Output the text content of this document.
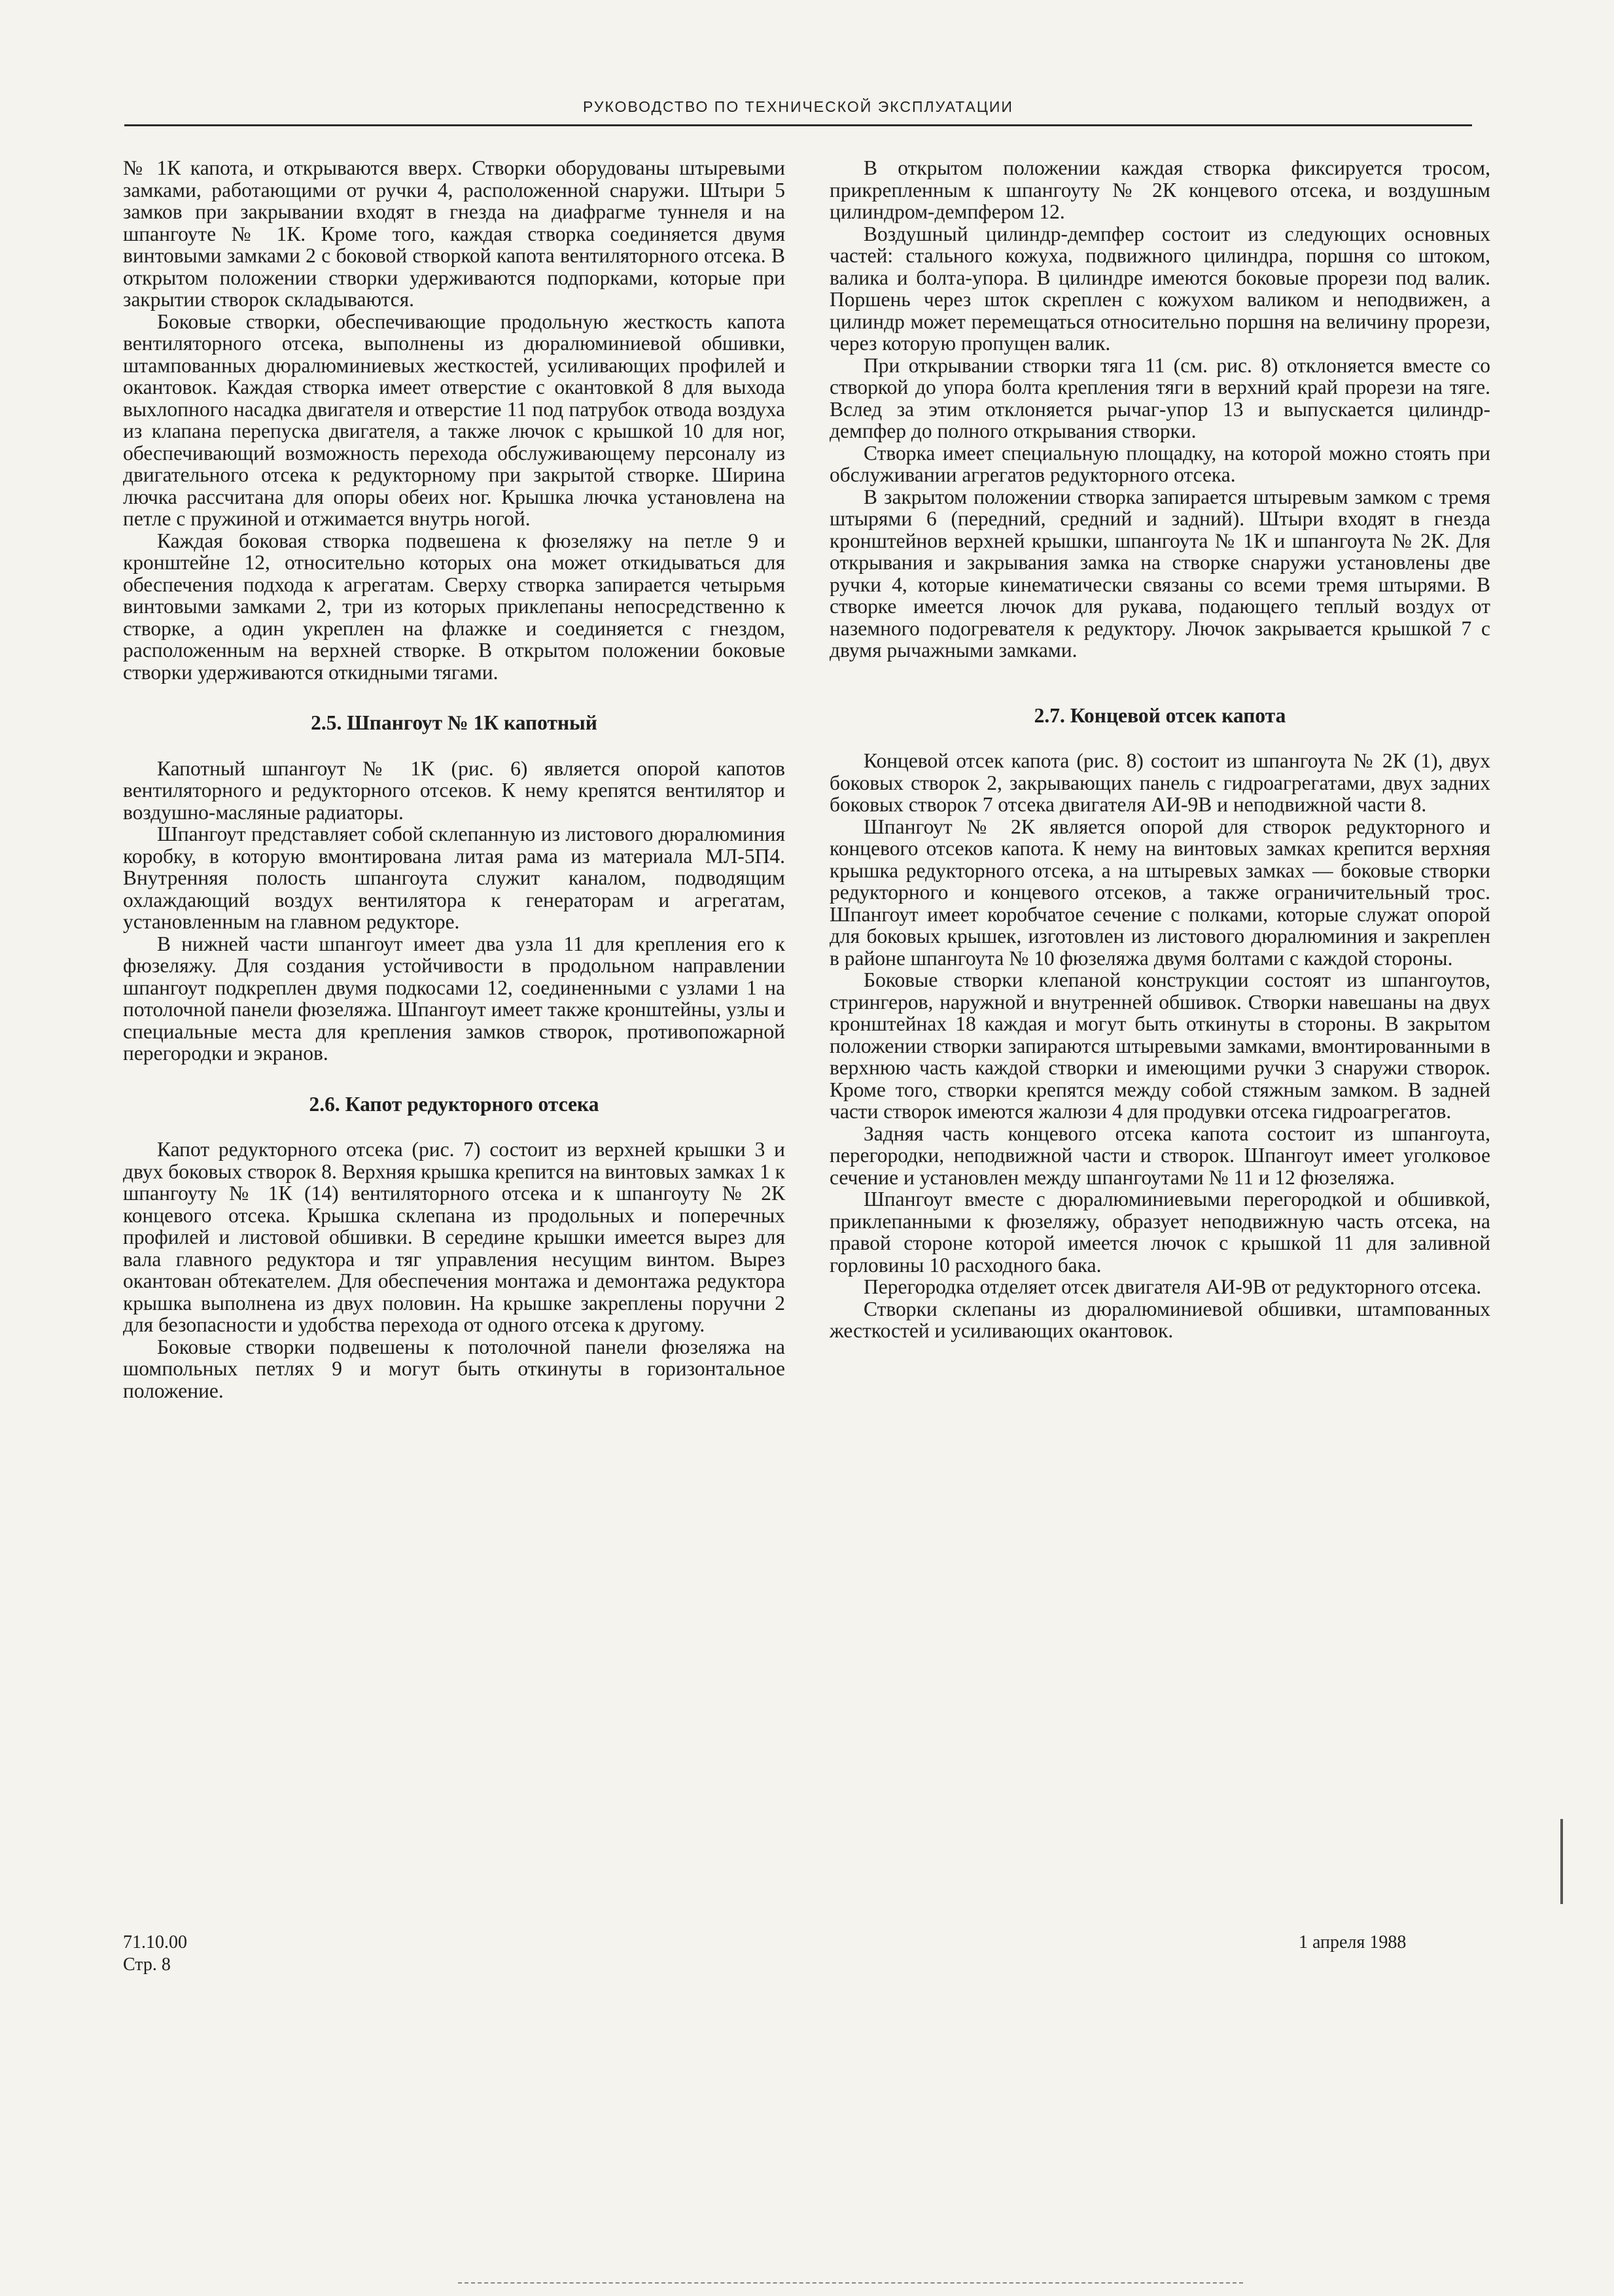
РУКОВОДСТВО ПО ТЕХНИЧЕСКОЙ ЭКСПЛУАТАЦИИ

№ 1К капота, и открываются вверх. Створки оборудованы штыревыми замками, работающими от ручки 4, расположенной снаружи. Штыри 5 замков при закрывании входят в гнезда на диафрагме туннеля и на шпангоуте № 1К. Кроме того, каждая створка соединяется двумя винтовыми замками 2 с боковой створкой капота вентиляторного отсека. В открытом положении створки удерживаются подпорками, которые при закрытии створок складываются.

Боковые створки, обеспечивающие продольную жесткость капота вентиляторного отсека, выполнены из дюралюминиевой обшивки, штампованных дюралюминиевых жесткостей, усиливающих профилей и окантовок. Каждая створка имеет отверстие с окантовкой 8 для выхода выхлопного насадка двигателя и отверстие 11 под патрубок отвода воздуха из клапана перепуска двигателя, а также лючок с крышкой 10 для ног, обеспечивающий возможность перехода обслуживающему персоналу из двигательного отсека к редукторному при закрытой створке. Ширина лючка рассчитана для опоры обеих ног. Крышка лючка установлена на петле с пружиной и отжимается внутрь ногой.

Каждая боковая створка подвешена к фюзеляжу на петле 9 и кронштейне 12, относительно которых она может откидываться для обеспечения подхода к агрегатам. Сверху створка запирается четырьмя винтовыми замками 2, три из которых приклепаны непосредственно к створке, а один укреплен на флажке и соединяется с гнездом, расположенным на верхней створке. В открытом положении боковые створки удерживаются откидными тягами.

2.5. Шпангоут № 1К капотный

Капотный шпангоут № 1К (рис. 6) является опорой капотов вентиляторного и редукторного отсеков. К нему крепятся вентилятор и воздушно-масляные радиаторы.

Шпангоут представляет собой склепанную из листового дюралюминия коробку, в которую вмонтирована литая рама из материала МЛ-5П4. Внутренняя полость шпангоута служит каналом, подводящим охлаждающий воздух вентилятора к генераторам и агрегатам, установленным на главном редукторе.

В нижней части шпангоут имеет два узла 11 для крепления его к фюзеляжу. Для создания устойчивости в продольном направлении шпангоут подкреплен двумя подкосами 12, соединенными с узлами 1 на потолочной панели фюзеляжа. Шпангоут имеет также кронштейны, узлы и специальные места для крепления замков створок, противопожарной перегородки и экранов.

2.6. Капот редукторного отсека

Капот редукторного отсека (рис. 7) состоит из верхней крышки 3 и двух боковых створок 8. Верхняя крышка крепится на винтовых замках 1 к шпангоуту № 1К (14) вентиляторного отсека и к шпангоуту № 2К концевого отсека. Крышка склепана из продольных и поперечных профилей и листовой обшивки. В середине крышки имеется вырез для вала главного редуктора и тяг управления несущим винтом. Вырез окантован обтекателем. Для обеспечения монтажа и демонтажа редуктора крышка выполнена из двух половин. На крышке закреплены поручни 2 для безопасности и удобства перехода от одного отсека к другому.

Боковые створки подвешены к потолочной панели фюзеляжа на шомпольных петлях 9 и могут быть откинуты в горизонтальное положение.

В открытом положении каждая створка фиксируется тросом, прикрепленным к шпангоуту № 2К концевого отсека, и воздушным цилиндром-демпфером 12.

Воздушный цилиндр-демпфер состоит из следующих основных частей: стального кожуха, подвижного цилиндра, поршня со штоком, валика и болта-упора. В цилиндре имеются боковые прорези под валик. Поршень через шток скреплен с кожухом валиком и неподвижен, а цилиндр может перемещаться относительно поршня на величину прорези, через которую пропущен валик.

При открывании створки тяга 11 (см. рис. 8) отклоняется вместе со створкой до упора болта крепления тяги в верхний край прорези на тяге. Вслед за этим отклоняется рычаг-упор 13 и выпускается цилиндр-демпфер до полного открывания створки.

Створка имеет специальную площадку, на которой можно стоять при обслуживании агрегатов редукторного отсека.

В закрытом положении створка запирается штыревым замком с тремя штырями 6 (передний, средний и задний). Штыри входят в гнезда кронштейнов верхней крышки, шпангоута № 1К и шпангоута № 2К. Для открывания и закрывания замка на створке снаружи установлены две ручки 4, которые кинематически связаны со всеми тремя штырями. В створке имеется лючок для рукава, подающего теплый воздух от наземного подогревателя к редуктору. Лючок закрывается крышкой 7 с двумя рычажными замками.

2.7. Концевой отсек капота

Концевой отсек капота (рис. 8) состоит из шпангоута № 2К (1), двух боковых створок 2, закрывающих панель с гидроагрегатами, двух задних боковых створок 7 отсека двигателя АИ-9В и неподвижной части 8.

Шпангоут № 2К является опорой для створок редукторного и концевого отсеков капота. К нему на винтовых замках крепится верхняя крышка редукторного отсека, а на штыревых замках — боковые створки редукторного и концевого отсеков, а также ограничительный трос. Шпангоут имеет коробчатое сечение с полками, которые служат опорой для боковых крышек, изготовлен из листового дюралюминия и закреплен в районе шпангоута № 10 фюзеляжа двумя болтами с каждой стороны.

Боковые створки клепаной конструкции состоят из шпангоутов, стрингеров, наружной и внутренней обшивок. Створки навешаны на двух кронштейнах 18 каждая и могут быть откинуты в стороны. В закрытом положении створки запираются штыревыми замками, вмонтированными в верхнюю часть каждой створки и имеющими ручки 3 снаружи створок. Кроме того, створки крепятся между собой стяжным замком. В задней части створок имеются жалюзи 4 для продувки отсека гидроагрегатов.

Задняя часть концевого отсека капота состоит из шпангоута, перегородки, неподвижной части и створок. Шпангоут имеет уголковое сечение и установлен между шпангоутами № 11 и 12 фюзеляжа.

Шпангоут вместе с дюралюминиевыми перегородкой и обшивкой, приклепанными к фюзеляжу, образует неподвижную часть отсека, на правой стороне которой имеется лючок с крышкой 11 для заливной горловины 10 расходного бака.

Перегородка отделяет отсек двигателя АИ-9В от редукторного отсека.

Створки склепаны из дюралюминиевой обшивки, штампованных жесткостей и усиливающих окантовок.

71.10.00
Стр. 8
1 апреля 1988
